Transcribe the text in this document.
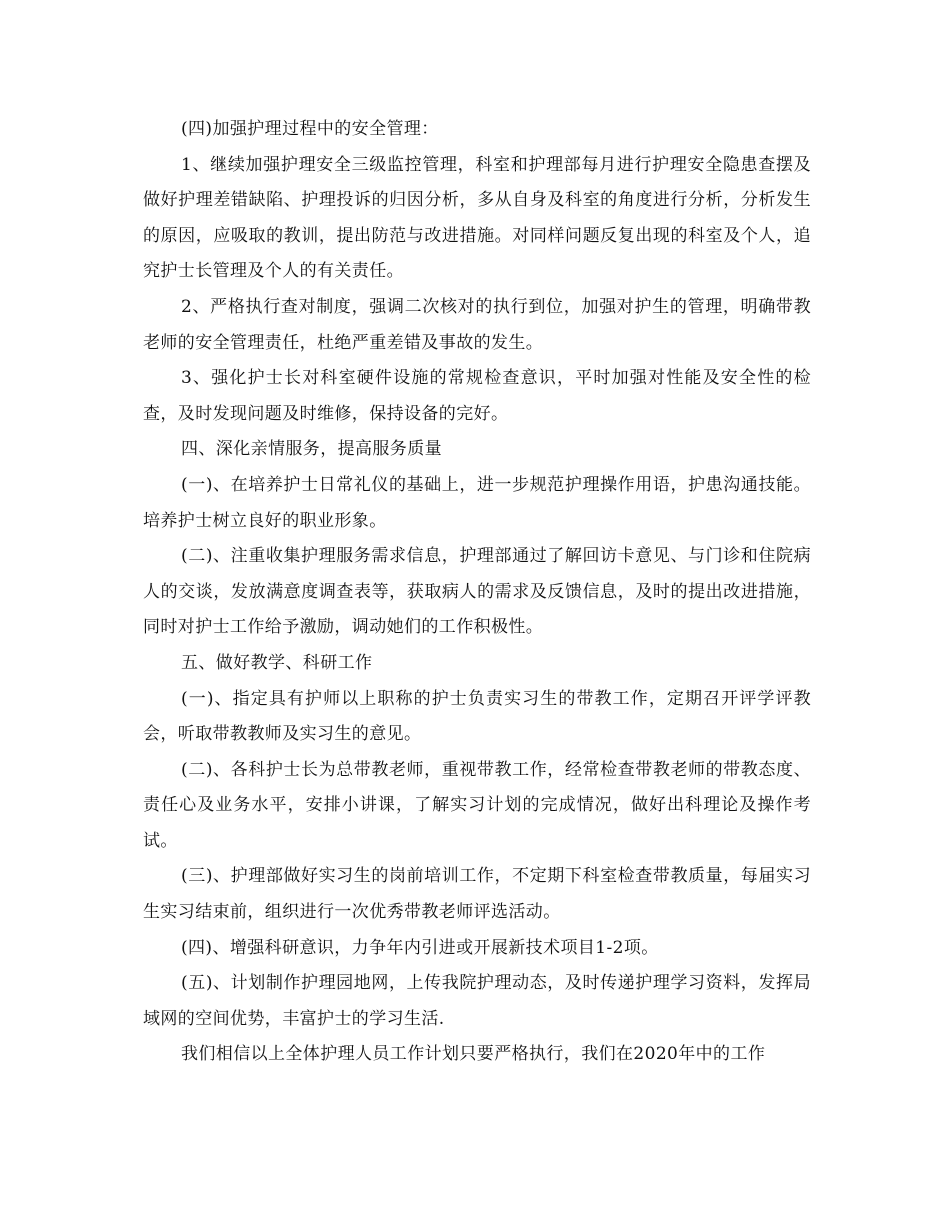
(四)加强护理过程中的安全管理：

1、继续加强护理安全三级监控管理，科室和护理部每月进行护理安全隐患查摆及做好护理差错缺陷、护理投诉的归因分析，多从自身及科室的角度进行分析，分析发生的原因，应吸取的教训，提出防范与改进措施。对同样问题反复出现的科室及个人，追究护士长管理及个人的有关责任。

2、严格执行查对制度，强调二次核对的执行到位，加强对护生的管理，明确带教老师的安全管理责任，杜绝严重差错及事故的发生。

3、强化护士长对科室硬件设施的常规检查意识，平时加强对性能及安全性的检查，及时发现问题及时维修，保持设备的完好。

四、深化亲情服务，提高服务质量

(一)、在培养护士日常礼仪的基础上，进一步规范护理操作用语，护患沟通技能。培养护士树立良好的职业形象。

(二)、注重收集护理服务需求信息，护理部通过了解回访卡意见、与门诊和住院病人的交谈，发放满意度调查表等，获取病人的需求及反馈信息，及时的提出改进措施，同时对护士工作给予激励，调动她们的工作积极性。

五、做好教学、科研工作

(一)、指定具有护师以上职称的护士负责实习生的带教工作，定期召开评学评教会，听取带教教师及实习生的意见。

(二)、各科护士长为总带教老师，重视带教工作，经常检查带教老师的带教态度、责任心及业务水平，安排小讲课，了解实习计划的完成情况，做好出科理论及操作考试。

(三)、护理部做好实习生的岗前培训工作，不定期下科室检查带教质量，每届实习生实习结束前，组织进行一次优秀带教老师评选活动。

(四)、增强科研意识，力争年内引进或开展新技术项目1-2项。

(五)、计划制作护理园地网，上传我院护理动态，及时传递护理学习资料，发挥局域网的空间优势，丰富护士的学习生活.

我们相信以上全体护理人员工作计划只要严格执行，我们在2020年中的工作
